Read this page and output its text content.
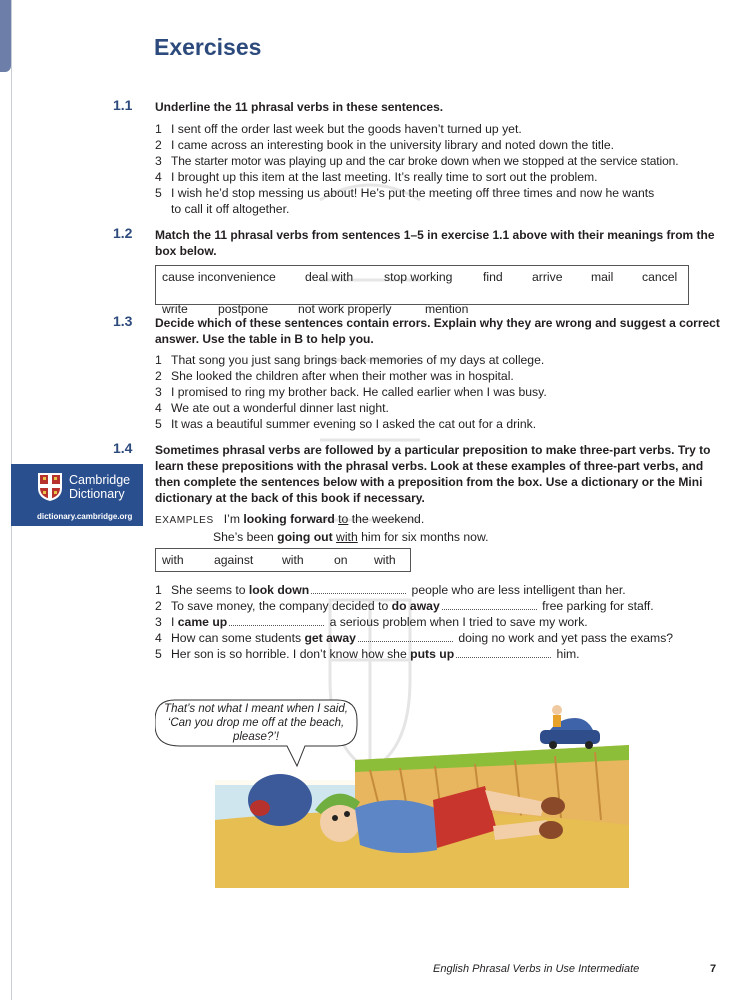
Exercises
1.1 Underline the 11 phrasal verbs in these sentences.

1 I sent off the order last week but the goods haven’t turned up yet.
2 I came across an interesting book in the university library and noted down the title.
3 The starter motor was playing up and the car broke down when we stopped at the service station.
4 I brought up this item at the last meeting. It’s really time to sort out the problem.
5 I wish he’d stop messing us about! He’s put the meeting off three times and now he wants to call it off altogether.
1.2 Match the 11 phrasal verbs from sentences 1–5 in exercise 1.1 above with their meanings from the box below.

cause inconvenience deal with	stop working	find arrive mail cancel
write postpone not work properly	mention
1.3 Decide which of these sentences contain errors. Explain why they are wrong and suggest a correct answer. Use the table in B to help you.

1 That song you just sang brings back memories of my days at college.
2 She looked the children after when their mother was in hospital.
3 I promised to ring my brother back. He called earlier when I was busy.
4 We ate out a wonderful dinner last night.
5 It was a beautiful summer evening so I asked the cat out for a drink.
1.4 Sometimes phrasal verbs are followed by a particular preposition to make three-part verbs. Try to learn these prepositions with the phrasal verbs. Look at these examples of three-part verbs, and then complete the sentences below with a preposition from the box. Use a dictionary or the Mini dictionary at the back of this book if necessary.

EXAMPLES I’m looking forward to the weekend.
She’s been going out with him for six months now.
with against with on with
1 She seems to look down	people who are less intelligent than her.
2 To save money, the company decided to do away	free parking for staff.
3 I came up	a serious problem when I tried to save my work.
4 How can some students get away	doing no work and yet pass the exams?
5 Her son is so horrible. I don’t know how she puts up	him.
Cambridge
Dictionary
dictionary.cambridge.org
That’s not what I meant when I said, ‘Can you drop me off at the beach, please?’!
English Phrasal Verbs in Use Intermediate	7
